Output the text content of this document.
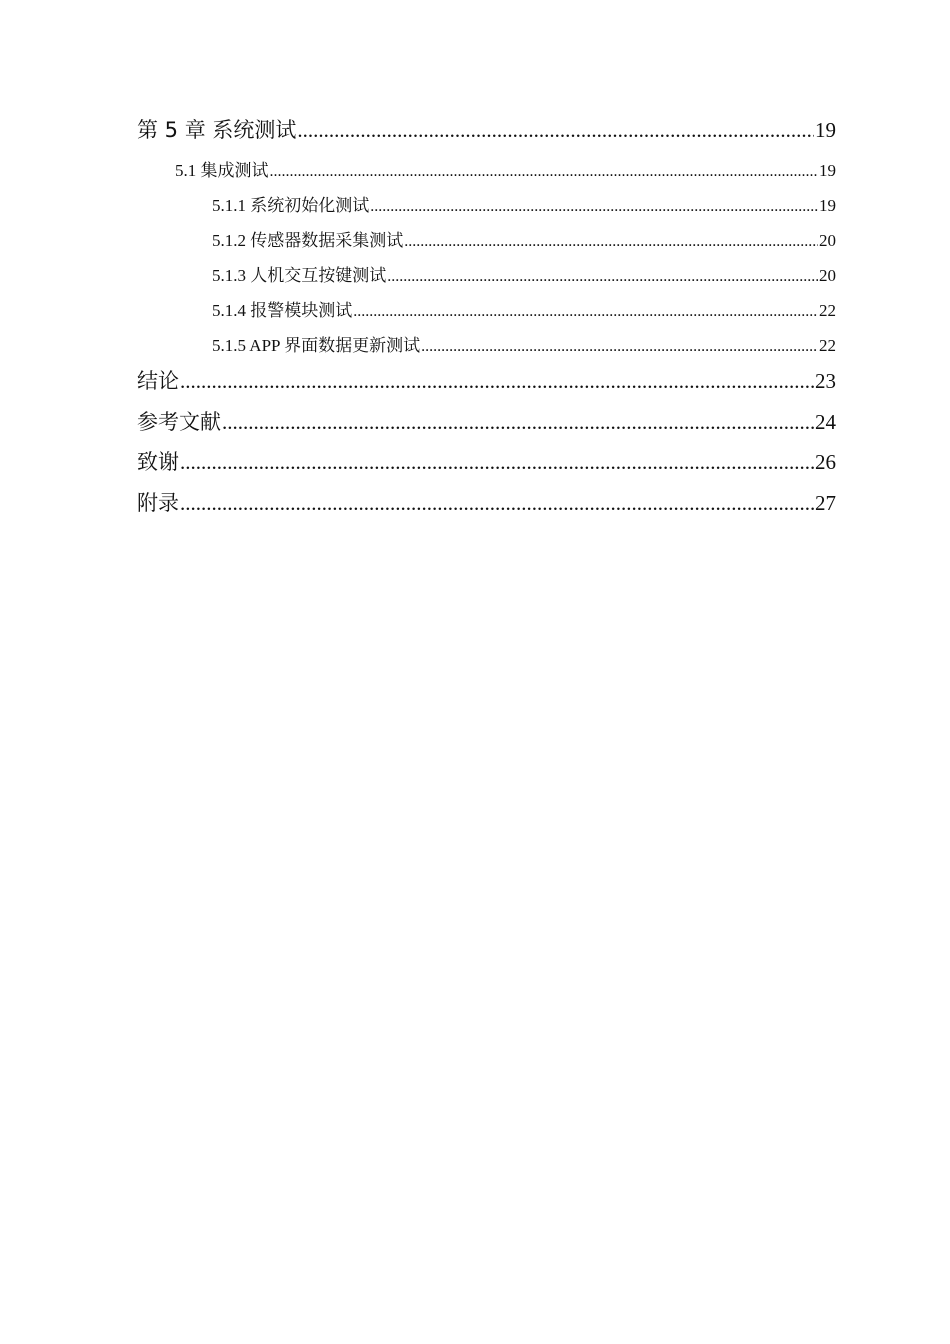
第 5 章 系统测试 .....	19
5.1 集成测试 .....	19
5.1.1 系统初始化测试 .....	19
5.1.2 传感器数据采集测试 .....	20
5.1.3 人机交互按键测试 .....	20
5.1.4 报警模块测试 .....	22
5.1.5 APP 界面数据更新测试 .....	22
结论 .....	23
参考文献 .....	24
致谢 .....	26
附录 .....	27
